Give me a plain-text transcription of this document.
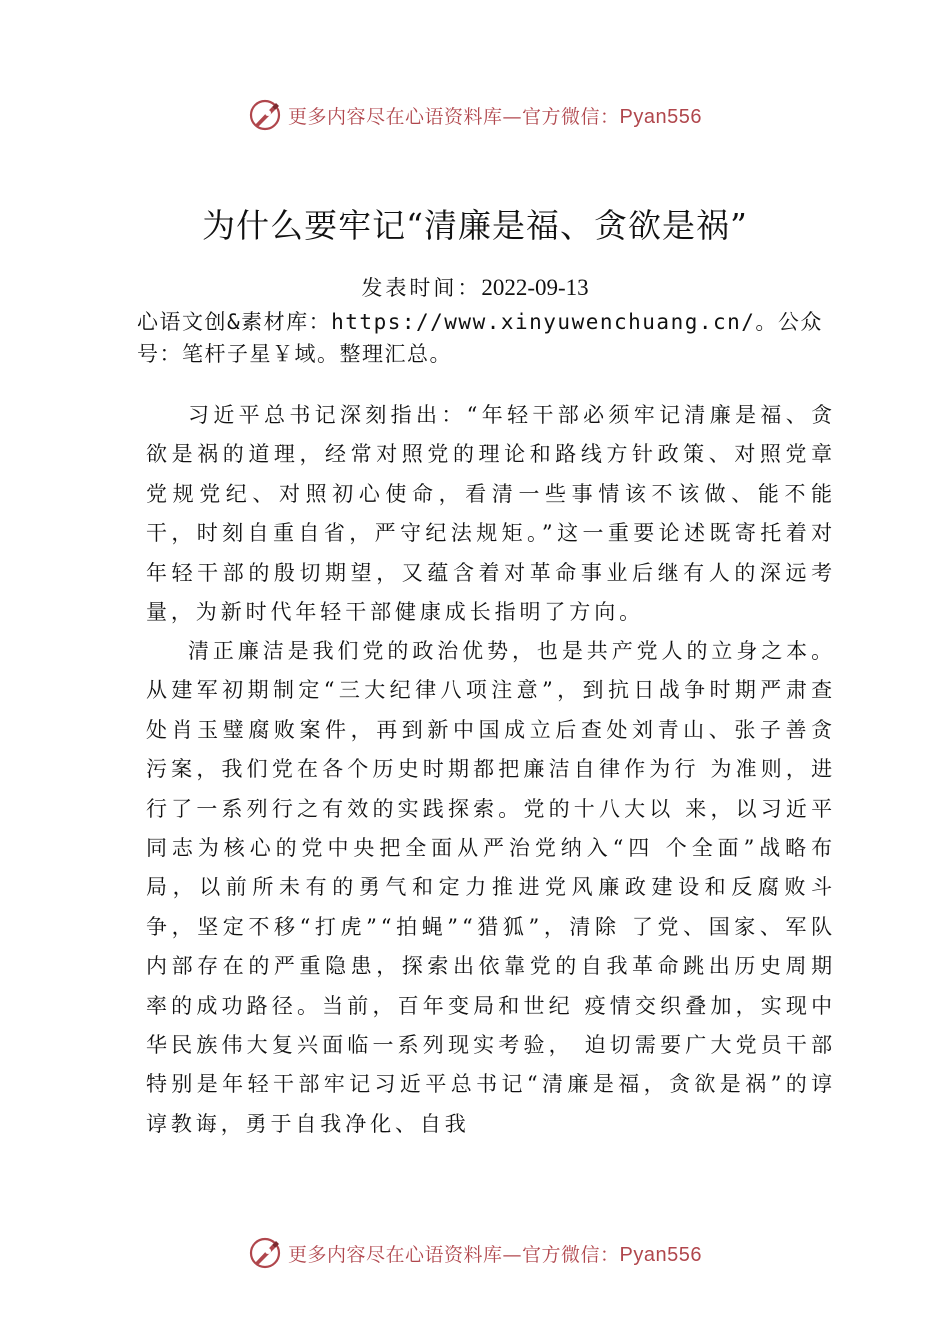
更多内容尽在心语资料库—官方微信：Pyan556
为什么要牢记“清廉是福、贪欲是祸”
发表时间：2022-09-13
心语文创&素材库：https://www.xinyuwenchuang.cn/。公众号：笔杆子星￥域。整理汇总。
习近平总书记深刻指出：“年轻干部必须牢记清廉是福、贪欲是祸的道理，经常对照党的理论和路线方针政策、对照党章党规党纪、对照初心使命，看清一些事情该不该做、能不能干，时刻自重自省，严守纪法规矩。”这一重要论述既寄托着对年轻干部的殷切期望，又蕴含着对革命事业后继有人的深远考量，为新时代年轻干部健康成长指明了方向。
清正廉洁是我们党的政治优势，也是共产党人的立身之本。从建军初期制定“三大纪律八项注意”，到抗日战争时期严肃查处肖玉璧腐败案件，再到新中国成立后查处刘青山、张子善贪污案，我们党在各个历史时期都把廉洁自律作为行 为准则，进行了一系列行之有效的实践探索。党的十八大以 来，以习近平同志为核心的党中央把全面从严治党纳入“四 个全面”战略布局，以前所未有的勇气和定力推进党风廉政建设和反腐败斗争，坚定不移“打虎”“拍蝇”“猎狐”，清除 了党、国家、军队内部存在的严重隐患，探索出依靠党的自我革命跳出历史周期率的成功路径。当前，百年变局和世纪 疫情交织叠加，实现中华民族伟大复兴面临一系列现实考验， 迫切需要广大党员干部特别是年轻干部牢记习近平总书记“清廉是福，贪欲是祸”的谆谆教诲，勇于自我净化、自我
更多内容尽在心语资料库—官方微信：Pyan556
